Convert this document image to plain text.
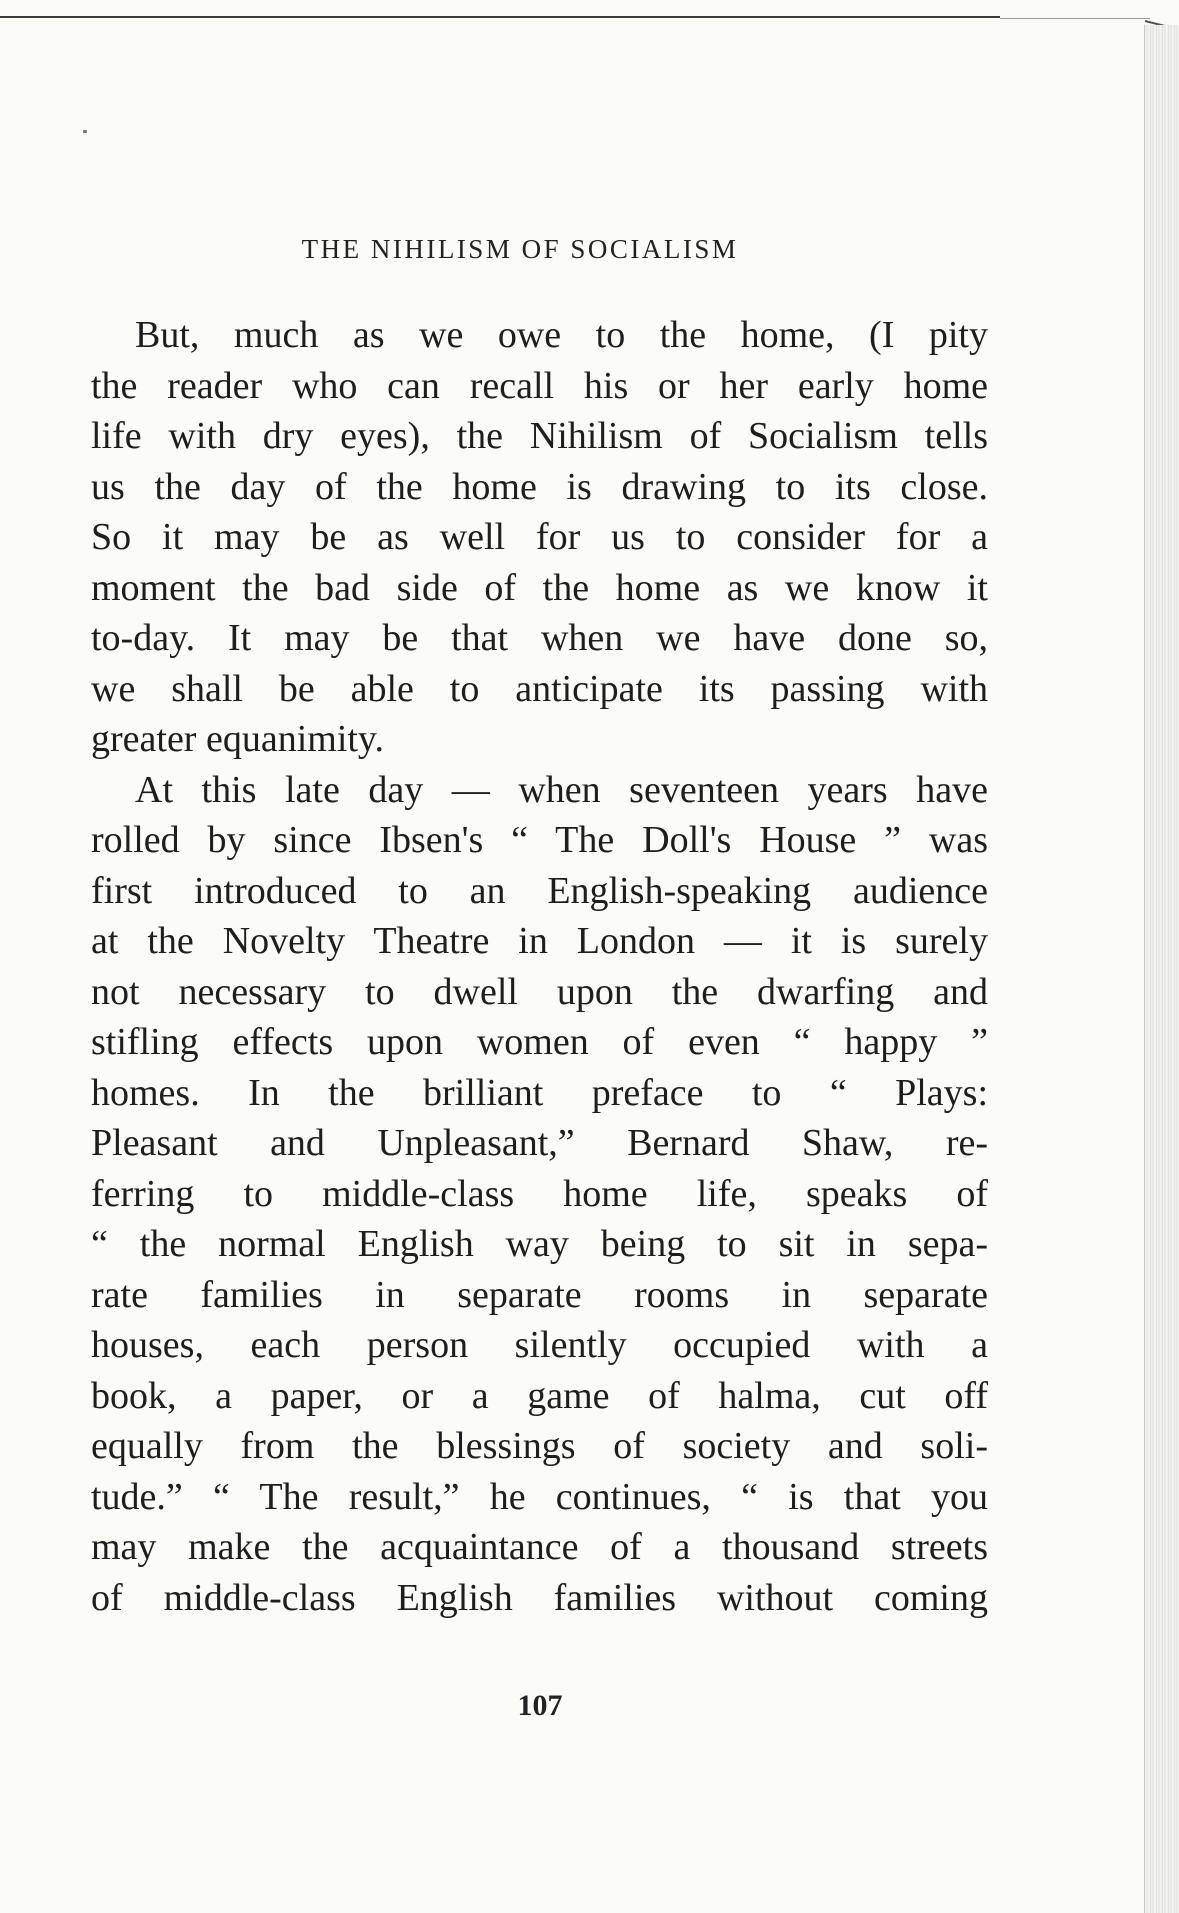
THE NIHILISM OF SOCIALISM
But, much as we owe to the home, (I pity
the reader who can recall his or her early home
life with dry eyes), the Nihilism of Socialism tells
us the day of the home is drawing to its close.
So it may be as well for us to consider for a
moment the bad side of the home as we know it
to-day. It may be that when we have done so,
we shall be able to anticipate its passing with
greater equanimity.
At this late day — when seventeen years have
rolled by since Ibsen's “ The Doll's House ” was
first introduced to an English-speaking audience
at the Novelty Theatre in London — it is surely
not necessary to dwell upon the dwarfing and
stifling effects upon women of even “ happy ”
homes. In the brilliant preface to “ Plays:
Pleasant and Unpleasant,” Bernard Shaw, re-
ferring to middle-class home life, speaks of
“ the normal English way being to sit in sepa-
rate families in separate rooms in separate
houses, each person silently occupied with a
book, a paper, or a game of halma, cut off
equally from the blessings of society and soli-
tude.” “ The result,” he continues, “ is that you
may make the acquaintance of a thousand streets
of middle-class English families without coming
107
